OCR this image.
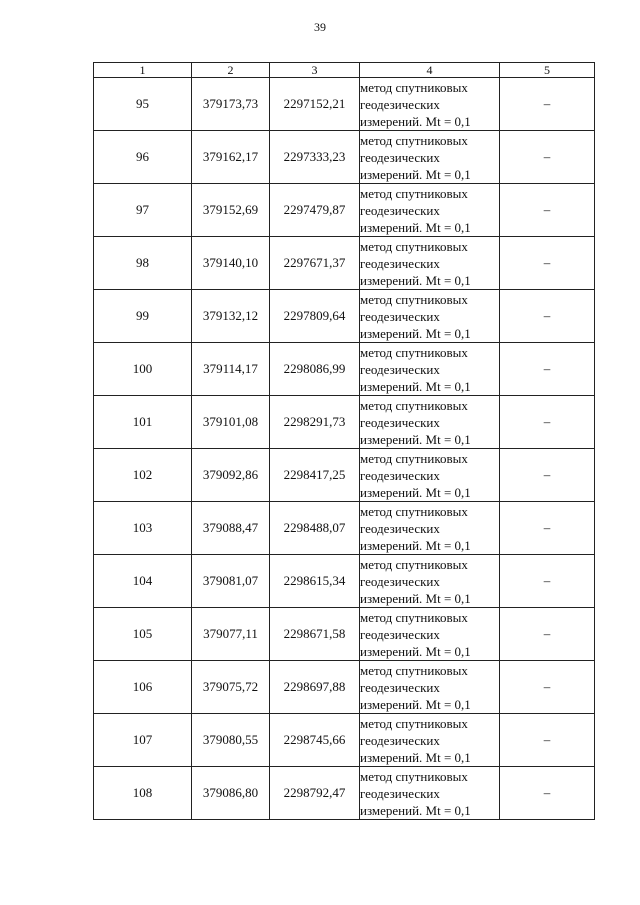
39
1	2	3	4	5
95	379173,73	2297152,21	метод спутниковых
геодезических
измерений. Mt = 0,1	–
96	379162,17	2297333,23	метод спутниковых
геодезических
измерений. Mt = 0,1	–
97	379152,69	2297479,87	метод спутниковых
геодезических
измерений. Mt = 0,1	–
98	379140,10	2297671,37	метод спутниковых
геодезических
измерений. Mt = 0,1	–
99	379132,12	2297809,64	метод спутниковых
геодезических
измерений. Mt = 0,1	–
100	379114,17	2298086,99	метод спутниковых
геодезических
измерений. Mt = 0,1	–
101	379101,08	2298291,73	метод спутниковых
геодезических
измерений. Mt = 0,1	–
102	379092,86	2298417,25	метод спутниковых
геодезических
измерений. Mt = 0,1	–
103	379088,47	2298488,07	метод спутниковых
геодезических
измерений. Mt = 0,1	–
104	379081,07	2298615,34	метод спутниковых
геодезических
измерений. Mt = 0,1	–
105	379077,11	2298671,58	метод спутниковых
геодезических
измерений. Mt = 0,1	–
106	379075,72	2298697,88	метод спутниковых
геодезических
измерений. Mt = 0,1	–
107	379080,55	2298745,66	метод спутниковых
геодезических
измерений. Mt = 0,1	–
108	379086,80	2298792,47	метод спутниковых
геодезических
измерений. Mt = 0,1	–
